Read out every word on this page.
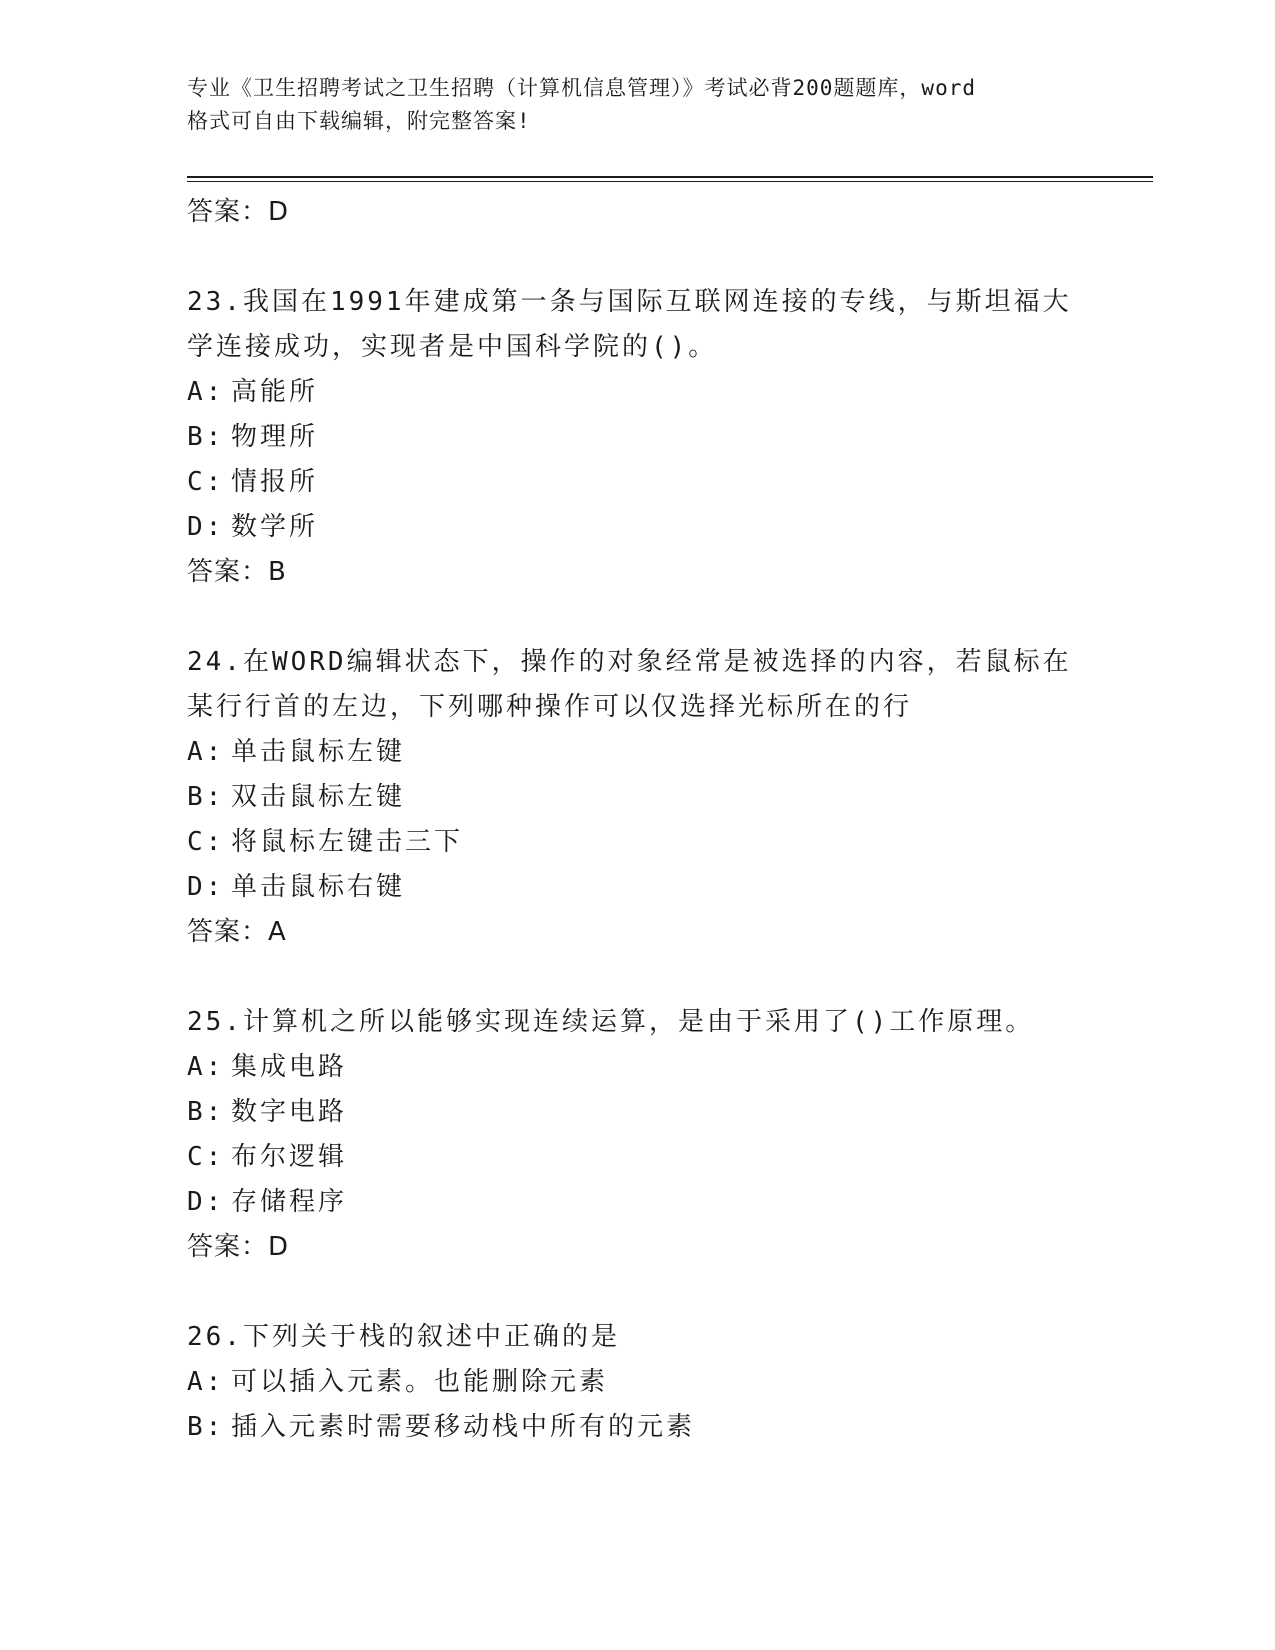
专业《卫生招聘考试之卫生招聘（计算机信息管理）》考试必背200题题库，word
格式可自由下载编辑，附完整答案!
答案：D
23.我国在1991年建成第一条与国际互联网连接的专线，与斯坦福大
学连接成功，实现者是中国科学院的()。
A: 高能所
B: 物理所
C: 情报所
D: 数学所
答案：B
24.在WORD编辑状态下，操作的对象经常是被选择的内容，若鼠标在
某行行首的左边，下列哪种操作可以仅选择光标所在的行
A: 单击鼠标左键
B: 双击鼠标左键
C: 将鼠标左键击三下
D: 单击鼠标右键
答案：A
25.计算机之所以能够实现连续运算，是由于采用了()工作原理。
A: 集成电路
B: 数字电路
C: 布尔逻辑
D: 存储程序
答案：D
26.下列关于栈的叙述中正确的是
A: 可以插入元素。也能删除元素
B: 插入元素时需要移动栈中所有的元素
